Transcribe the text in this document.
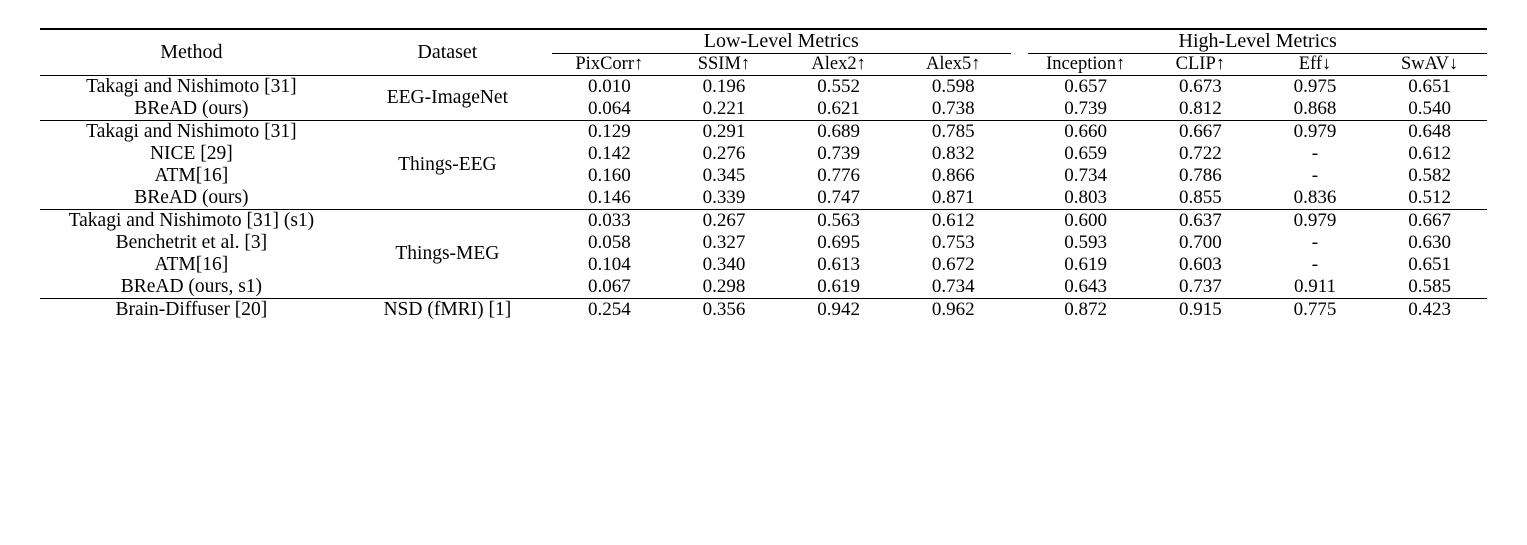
Method	Dataset	Low-Level Metrics					High-Level Metrics			
		PixCorr↑	SSIM↑	Alex2↑	Alex5↑		Inception↑	CLIP↑	Eff↓	SwAV↓
Takagi and Nishimoto [31]	EEG-ImageNet	0.010	0.196	0.552	0.598		0.657	0.673	0.975	0.651
BReAD (ours)		0.064	0.221	0.621	0.738		0.739	0.812	0.868	0.540
Takagi and Nishimoto [31]	Things-EEG	0.129	0.291	0.689	0.785		0.660	0.667	0.979	0.648
NICE [29]		0.142	0.276	0.739	0.832		0.659	0.722	-	0.612
ATM[16]		0.160	0.345	0.776	0.866		0.734	0.786	-	0.582
BReAD (ours)		0.146	0.339	0.747	0.871		0.803	0.855	0.836	0.512
Takagi and Nishimoto [31] (s1)	Things-MEG	0.033	0.267	0.563	0.612		0.600	0.637	0.979	0.667
Benchetrit et al. [3]		0.058	0.327	0.695	0.753		0.593	0.700	-	0.630
ATM[16]		0.104	0.340	0.613	0.672		0.619	0.603	-	0.651
BReAD (ours, s1)		0.067	0.298	0.619	0.734		0.643	0.737	0.911	0.585
Brain-Diffuser [20]	NSD (fMRI) [1]	0.254	0.356	0.942	0.962		0.872	0.915	0.775	0.423
